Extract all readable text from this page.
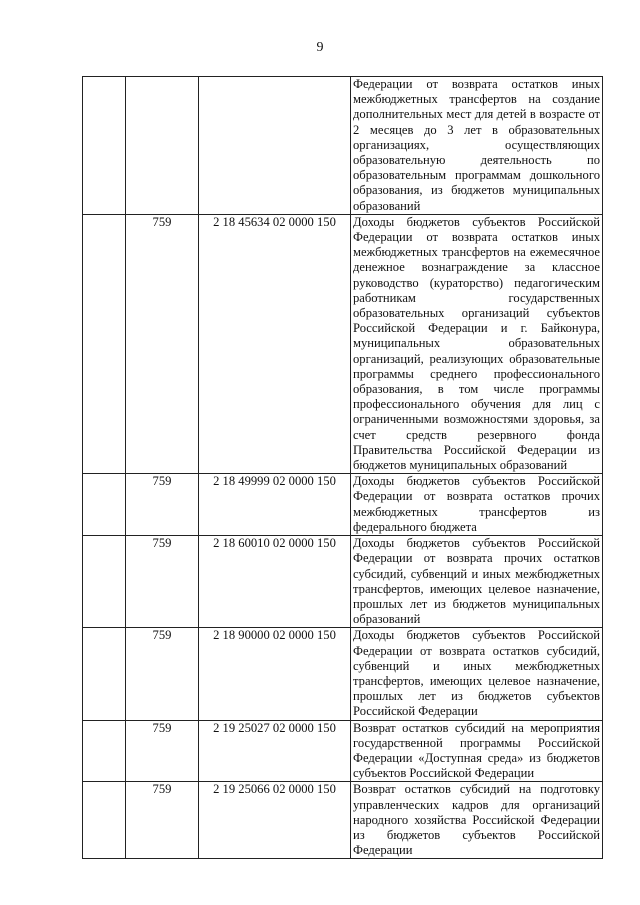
9
			Федерации от возврата остатков иных межбюджетных трансфертов на создание дополнительных мест для детей в возрасте от 2 месяцев до 3 лет в образовательных организациях, осуществляющих образовательную деятельность по образовательным программам дошкольного образования, из бюджетов муниципальных образований
	759	2 18 45634 02 0000 150	Доходы бюджетов субъектов Российской Федерации от возврата остатков иных межбюджетных трансфертов на ежемесячное денежное вознаграждение за классное руководство (кураторство) педагогическим работникам государственных образовательных организаций субъектов Российской Федерации и г. Байконура, муниципальных образовательных организаций, реализующих образовательные программы среднего профессионального образования, в том числе программы профессионального обучения для лиц с ограниченными возможностями здоровья, за счет средств резервного фонда Правительства Российской Федерации из бюджетов муниципальных образований
	759	2 18 49999 02 0000 150	Доходы бюджетов субъектов Российской Федерации от возврата остатков прочих межбюджетных трансфертов из федерального бюджета
	759	2 18 60010 02 0000 150	Доходы бюджетов субъектов Российской Федерации от возврата прочих остатков субсидий, субвенций и иных межбюджетных трансфертов, имеющих целевое назначение, прошлых лет из бюджетов муниципальных образований
	759	2 18 90000 02 0000 150	Доходы бюджетов субъектов Российской Федерации от возврата остатков субсидий, субвенций и иных межбюджетных трансфертов, имеющих целевое назначение, прошлых лет из бюджетов субъектов Российской Федерации
	759	2 19 25027 02 0000 150	Возврат остатков субсидий на мероприятия государственной программы Российской Федерации «Доступная среда» из бюджетов субъектов Российской Федерации
	759	2 19 25066 02 0000 150	Возврат остатков субсидий на подготовку управленческих кадров для организаций народного хозяйства Российской Федерации из бюджетов субъектов Российской Федерации
